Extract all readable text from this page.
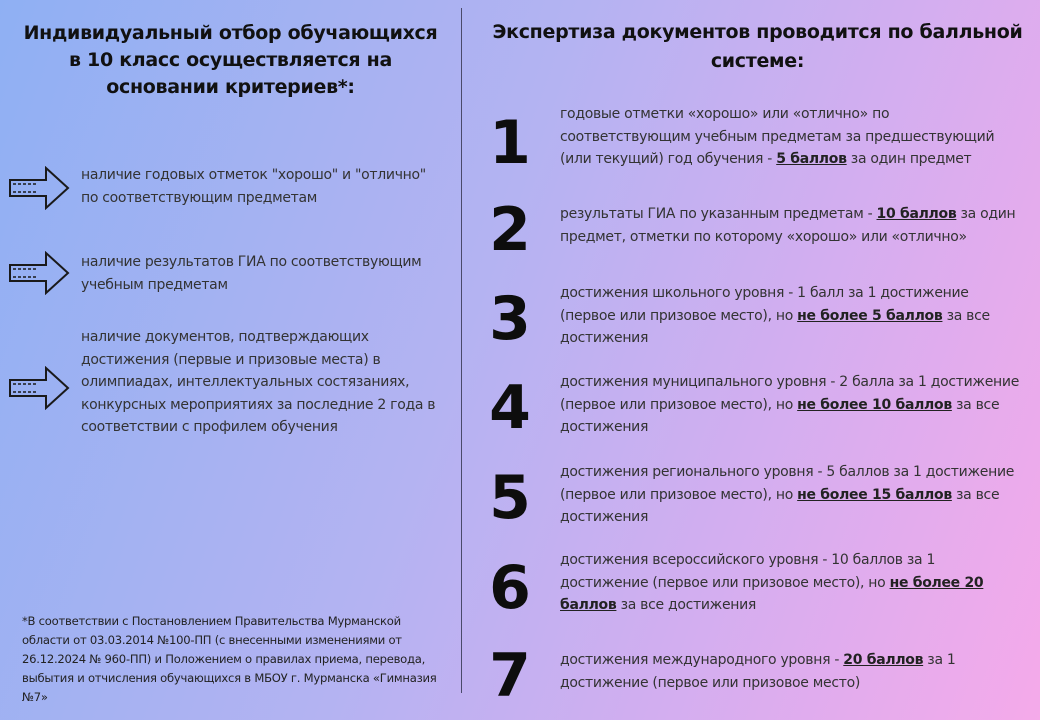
Индивидуальный отбор обучающихся в 10 класс осуществляется на основании критериев*:
наличие годовых отметок "хорошо" и "отлично" по соответствующим предметам
наличие результатов ГИА по соответствующим учебным предметам
наличие документов, подтверждающих достижения (первые и призовые места) в олимпиадах, интеллектуальных состязаниях, конкурсных мероприятиях за последние 2 года в соответствии с профилем обучения
*В соответствии с Постановлением Правительства Мурманской области от 03.03.2014 №100-ПП (с внесенными изменениями от 26.12.2024 № 960-ПП) и Положением о правилах приема, перевода, выбытия и отчисления обучающихся в МБОУ г. Мурманска «Гимназия №7»
Экспертиза документов проводится по балльной системе:
1 годовые отметки «хорошо» или «отлично» по соответствующим учебным предметам за предшествующий (или текущий) год обучения - 5 баллов за один предмет
2 результаты ГИА по указанным предметам - 10 баллов за один предмет, отметки по которому «хорошо» или «отлично»
3 достижения школьного уровня - 1 балл за 1 достижение (первое или призовое место), но не более 5 баллов за все достижения
4 достижения муниципального уровня - 2 балла за 1 достижение (первое или призовое место), но не более 10 баллов за все достижения
5 достижения регионального уровня - 5 баллов за 1 достижение (первое или призовое место), но не более 15 баллов за все достижения
6 достижения всероссийского уровня - 10 баллов за 1 достижение (первое или призовое место), но не более 20 баллов за все достижения
7 достижения международного уровня - 20 баллов за 1 достижение (первое или призовое место)
